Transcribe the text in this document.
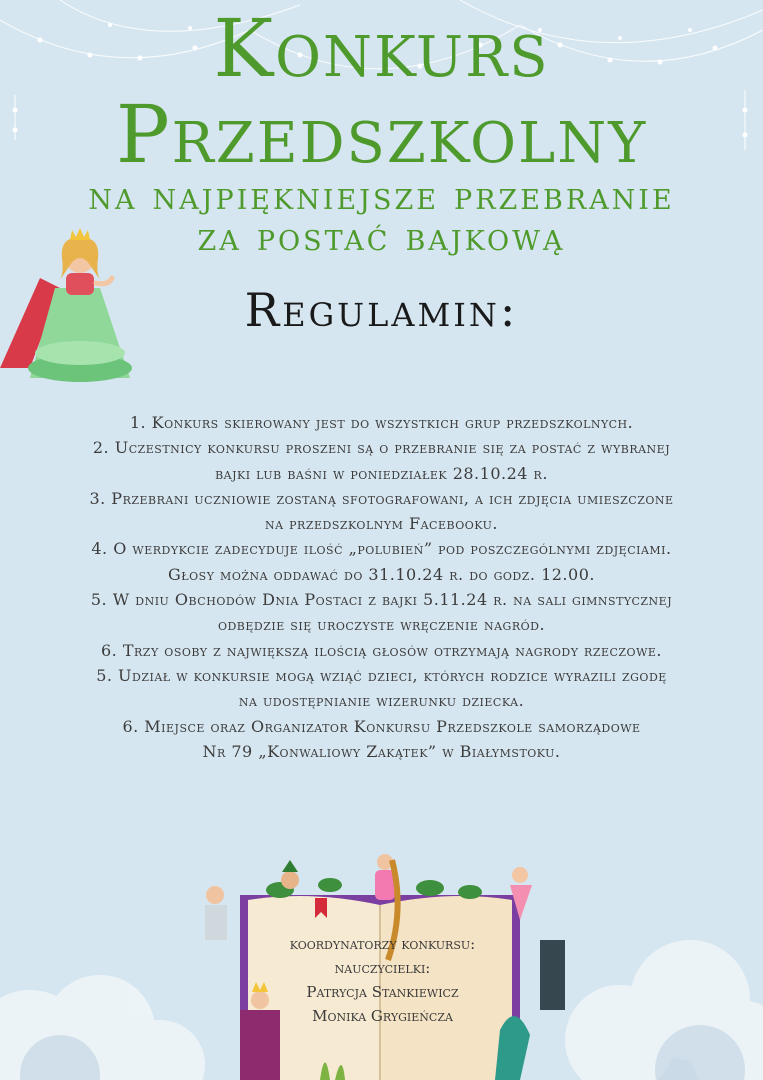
Konkurs
Przedszkolny
na najpiękniejsze przebranie
za postać bajkową
Regulamin:
1. Konkurs skierowany jest do wszystkich grup przedszkolnych.
2. Uczestnicy konkursu proszeni są o przebranie się za postać z wybranej
bajki lub baśni w poniedziałek 28.10.24 r.
3. Przebrani uczniowie zostaną sfotografowani, a ich zdjęcia umieszczone
na przedszkolnym Facebooku.
4. O werdykcie zadecyduje ilość „polubień” pod poszczególnymi zdjęciami.
Głosy można oddawać do 31.10.24 r. do godz. 12.00.
5. W dniu Obchodów Dnia Postaci z bajki 5.11.24 r. na sali gimnstycznej
odbędzie się uroczyste wręczenie nagród.
6. Trzy osoby z największą ilością głosów otrzymają nagrody rzeczowe.
5. Udział w konkursie mogą wziąć dzieci, których rodzice wyrazili zgodę
na udostępnianie wizerunku dziecka.
6. Miejsce oraz Organizator Konkursu Przedszkole samorządowe
Nr 79 „Konwaliowy Zakątek” w Białymstoku.
koordynatorzy konkursu:
nauczycielki:
Patrycja Stankiewicz
Monika Grygieńcza
